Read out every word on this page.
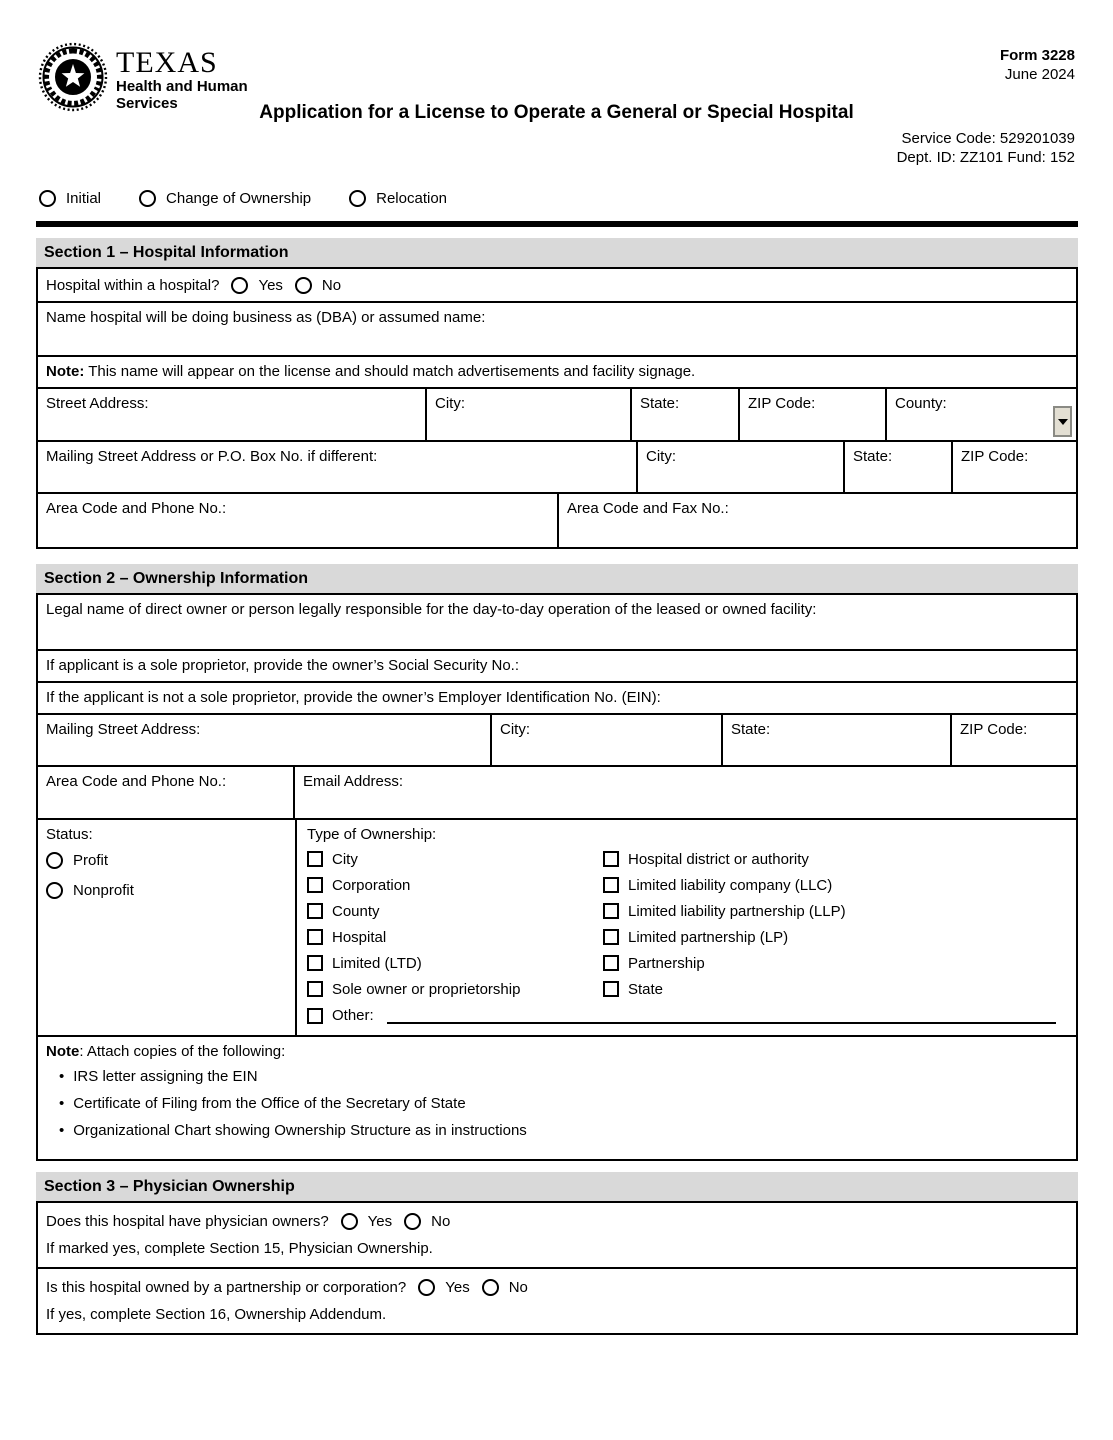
TEXAS
Health and Human
Services
Form 3228
June 2024
Application for a License to Operate a General or Special Hospital
Service Code: 529201039
Dept. ID: ZZ101 Fund: 152
Initial	Change of Ownership	Relocation
Section 1 – Hospital Information
Hospital within a hospital?	Yes	No
Name hospital will be doing business as (DBA) or assumed name:
Note: This name will appear on the license and should match advertisements and facility signage.
Street Address:	City:	State:	ZIP Code:	County:
Mailing Street Address or P.O. Box No. if different:	City:	State:	ZIP Code:
Area Code and Phone No.:	Area Code and Fax No.:
Section 2 – Ownership Information
Legal name of direct owner or person legally responsible for the day-to-day operation of the leased or owned facility:
If applicant is a sole proprietor, provide the owner’s Social Security No.:
If the applicant is not a sole proprietor, provide the owner’s Employer Identification No. (EIN):
Mailing Street Address:	City:	State:	ZIP Code:
Area Code and Phone No.:	Email Address:
Status:
Profit

Nonprofit
Type of Ownership:
City
Corporation
County
Hospital
Limited (LTD)
Sole owner or proprietorship
Hospital district or authority
Limited liability company (LLC)
Limited liability partnership (LLP)
Limited partnership (LP)
Partnership
State
Other:
Note: Attach copies of the following:
• IRS letter assigning the EIN
• Certificate of Filing from the Office of the Secretary of State
• Organizational Chart showing Ownership Structure as in instructions
Section 3 – Physician Ownership
Does this hospital have physician owners?	Yes	No
If marked yes, complete Section 15, Physician Ownership.
Is this hospital owned by a partnership or corporation?	Yes	No
If yes, complete Section 16, Ownership Addendum.
